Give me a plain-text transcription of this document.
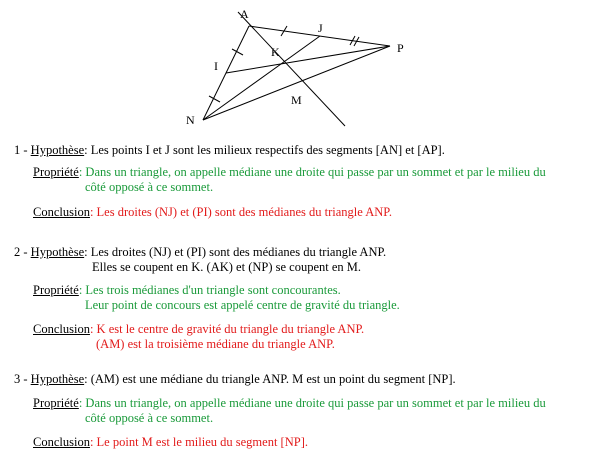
A
J
K	P
I
M
N
1 - Hypothèse: Les points I et J sont les milieux respectifs des segments [AN] et [AP].
Propriété: Dans un triangle, on appelle médiane une droite qui passe par un sommet et par le milieu du
côté opposé à ce sommet.
Conclusion: Les droites (NJ) et (PI) sont des médianes du triangle ANP.
2 - Hypothèse: Les droites (NJ) et (PI) sont des médianes du triangle ANP.
Elles se coupent en K. (AK) et (NP) se coupent en M.
Propriété: Les trois médianes d'un triangle sont concourantes.
Leur point de concours est appelé centre de gravité du triangle.
Conclusion: K est le centre de gravité du triangle du triangle ANP.
(AM) est la troisième médiane du triangle ANP.
3 - Hypothèse: (AM) est une médiane du triangle ANP. M est un point du segment [NP].
Propriété: Dans un triangle, on appelle médiane une droite qui passe par un sommet et par le milieu du
côté opposé à ce sommet.
Conclusion: Le point M est le milieu du segment [NP].
